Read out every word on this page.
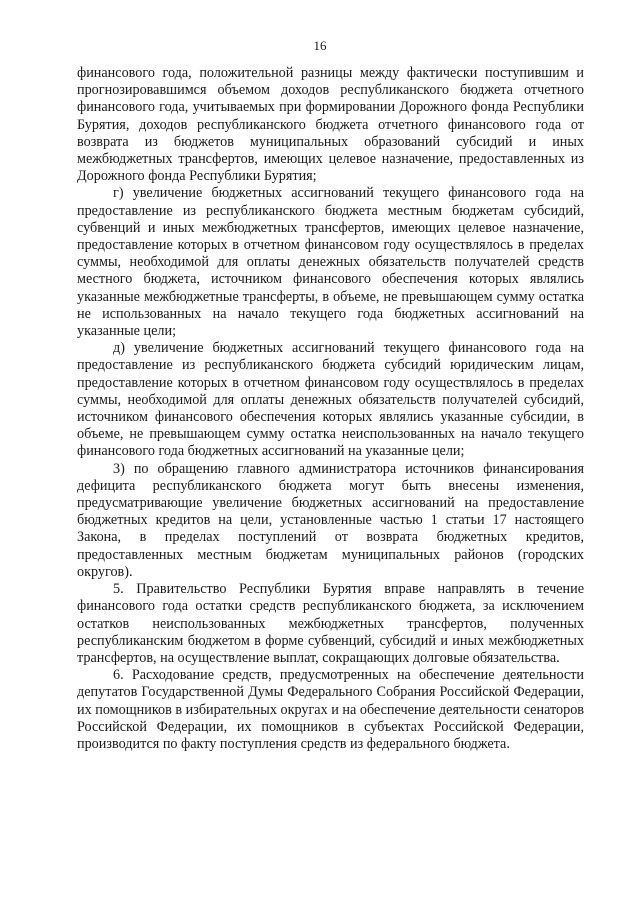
16

финансового года, положительной разницы между фактически поступившим и прогнозировавшимся объемом доходов республиканского бюджета отчетного финансового года, учитываемых при формировании Дорожного фонда Республики Бурятия, доходов республиканского бюджета отчетного финансового года от возврата из бюджетов муниципальных образований субсидий и иных межбюджетных трансфертов, имеющих целевое назначение, предоставленных из Дорожного фонда Республики Бурятия;

г) увеличение бюджетных ассигнований текущего финансового года на предоставление из республиканского бюджета местным бюджетам субсидий, субвенций и иных межбюджетных трансфертов, имеющих целевое назначение, предоставление которых в отчетном финансовом году осуществлялось в пределах суммы, необходимой для оплаты денежных обязательств получателей средств местного бюджета, источником финансового обеспечения которых являлись указанные межбюджетные трансферты, в объеме, не превышающем сумму остатка не использованных на начало текущего года бюджетных ассигнований на указанные цели;

д) увеличение бюджетных ассигнований текущего финансового года на предоставление из республиканского бюджета субсидий юридическим лицам, предоставление которых в отчетном финансовом году осуществлялось в пределах суммы, необходимой для оплаты денежных обязательств получателей субсидий, источником финансового обеспечения которых являлись указанные субсидии, в объеме, не превышающем сумму остатка неиспользованных на начало текущего финансового года бюджетных ассигнований на указанные цели;

3) по обращению главного администратора источников финансирования дефицита республиканского бюджета могут быть внесены изменения, предусматривающие увеличение бюджетных ассигнований на предоставление бюджетных кредитов на цели, установленные частью 1 статьи 17 настоящего Закона, в пределах поступлений от возврата бюджетных кредитов, предоставленных местным бюджетам муниципальных районов (городских округов).

5. Правительство Республики Бурятия вправе направлять в течение финансового года остатки средств республиканского бюджета, за исключением остатков неиспользованных межбюджетных трансфертов, полученных республиканским бюджетом в форме субвенций, субсидий и иных межбюджетных трансфертов, на осуществление выплат, сокращающих долговые обязательства.

6. Расходование средств, предусмотренных на обеспечение деятельности депутатов Государственной Думы Федерального Собрания Российской Федерации, их помощников в избирательных округах и на обеспечение деятельности сенаторов Российской Федерации, их помощников в субъектах Российской Федерации, производится по факту поступления средств из федерального бюджета.
